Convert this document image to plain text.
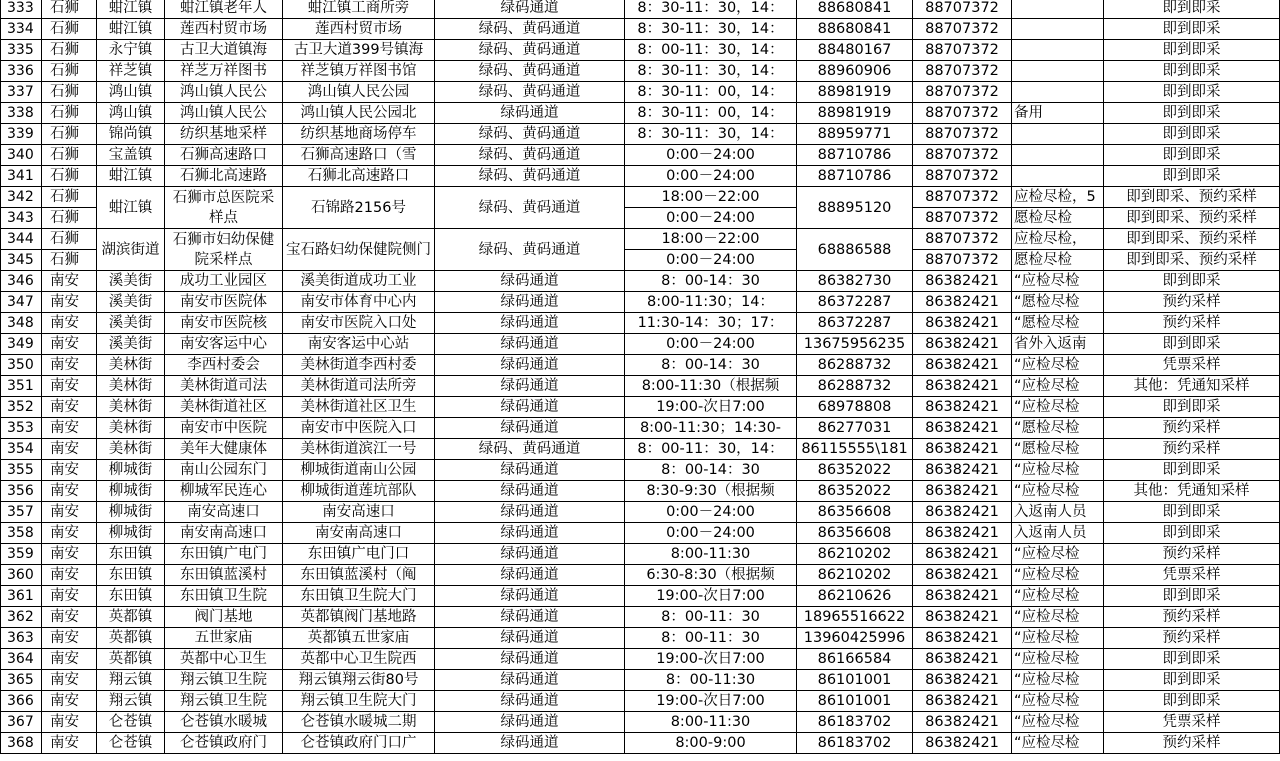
333	石狮	蚶江镇	蚶江镇老年人	蚶江镇工商所旁	绿码通道	8：30-11：30，14：	88680841	88707372		即到即采
334	石狮	蚶江镇	莲西村贸市场	莲西村贸市场	绿码、黄码通道	8：30-11：30，14：	88680841	88707372		即到即采
335	石狮	永宁镇	古卫大道镇海	古卫大道399号镇海	绿码、黄码通道	8：00-11：30，14：	88480167	88707372		即到即采
336	石狮	祥芝镇	祥芝万祥图书	祥芝镇万祥图书馆	绿码、黄码通道	8：30-11：30，14：	88960906	88707372		即到即采
337	石狮	鸿山镇	鸿山镇人民公	鸿山镇人民公园	绿码、黄码通道	8：30-11：00，14：	88981919	88707372		即到即采
338	石狮	鸿山镇	鸿山镇人民公	鸿山镇人民公园北	绿码通道	8：30-11：00，14：	88981919	88707372	备用	即到即采
339	石狮	锦尚镇	纺织基地采样	纺织基地商场停车	绿码、黄码通道	8：30-11：30，14：	88959771	88707372		即到即采
340	石狮	宝盖镇	石狮高速路口	石狮高速路口（雪	绿码、黄码通道	0:00－24:00	88710786	88707372		即到即采
341	石狮	蚶江镇	石狮北高速路	石狮北高速路口	绿码、黄码通道	0:00－24:00	88710786	88707372		即到即采
342	石狮	蚶江镇	石狮市总医院采样点	石锦路2156号	绿码、黄码通道	18:00－22:00	88895120	88707372	应检尽检，5	即到即采、预约采样
343	石狮					0:00－24:00		88707372	愿检尽检	即到即采、预约采样
344	石狮	湖滨街道	石狮市妇幼保健院采样点	宝石路妇幼保健院侧门	绿码、黄码通道	18:00－22:00	68886588	88707372	应检尽检，	即到即采、预约采样
345	石狮					0:00－24:00		88707372	愿检尽检	即到即采、预约采样
346	南安	溪美街	成功工业园区	溪美街道成功工业	绿码通道	8：00-14：30	86382730	86382421	“应检尽检	即到即采
347	南安	溪美街	南安市医院体	南安市体育中心内	绿码通道	8:00-11:30；14：	86372287	86382421	“愿检尽检	预约采样
348	南安	溪美街	南安市医院核	南安市医院入口处	绿码通道	11:30-14：30；17：	86372287	86382421	“愿检尽检	预约采样
349	南安	溪美街	南安客运中心	南安客运中心站	绿码通道	0:00－24:00	13675956235	86382421	省外入返南	即到即采
350	南安	美林街	李西村委会	美林街道李西村委	绿码通道	8：00-14：30	86288732	86382421	“应检尽检	凭票采样
351	南安	美林街	美林街道司法	美林街道司法所旁	绿码通道	8:00-11:30（根据频	86288732	86382421	“应检尽检	其他：凭通知采样
352	南安	美林街	美林街道社区	美林街道社区卫生	绿码通道	19:00-次日7:00	68978808	86382421	“应检尽检	即到即采
353	南安	美林街	南安市中医院	南安市中医院入口	绿码通道	8:00-11:30；14:30-	86277031	86382421	“愿检尽检	预约采样
354	南安	美林街	美年大健康体	美林街道滨江一号	绿码、黄码通道	8：00-11：30，14：	86115555\181	86382421	“愿检尽检	预约采样
355	南安	柳城街	南山公园东门	柳城街道南山公园	绿码通道	8：00-14：30	86352022	86382421	“应检尽检	即到即采
356	南安	柳城街	柳城军民连心	柳城街道莲坑部队	绿码通道	8:30-9:30（根据频	86352022	86382421	“应检尽检	其他：凭通知采样
357	南安	柳城街	南安高速口	南安高速口	绿码通道	0:00－24:00	86356608	86382421	入返南人员	即到即采
358	南安	柳城街	南安南高速口	南安南高速口	绿码通道	0:00－24:00	86356608	86382421	入返南人员	即到即采
359	南安	东田镇	东田镇广电门	东田镇广电门口	绿码通道	8:00-11:30	86210202	86382421	“应检尽检	预约采样
360	南安	东田镇	东田镇蓝溪村	东田镇蓝溪村（阄	绿码通道	6:30-8:30（根据频	86210202	86382421	“应检尽检	凭票采样
361	南安	东田镇	东田镇卫生院	东田镇卫生院大门	绿码通道	19:00-次日7:00	86210626	86382421	“应检尽检	即到即采
362	南安	英都镇	阀门基地	英都镇阀门基地路	绿码通道	8：00-11：30	18965516622	86382421	“应检尽检	预约采样
363	南安	英都镇	五世家庙	英都镇五世家庙	绿码通道	8：00-11：30	13960425996	86382421	“应检尽检	预约采样
364	南安	英都镇	英都中心卫生	英都中心卫生院西	绿码通道	19:00-次日7:00	86166584	86382421	“应检尽检	即到即采
365	南安	翔云镇	翔云镇卫生院	翔云镇翔云街80号	绿码通道	8：00-11:30	86101001	86382421	“应检尽检	即到即采
366	南安	翔云镇	翔云镇卫生院	翔云镇卫生院大门	绿码通道	19:00-次日7:00	86101001	86382421	“应检尽检	即到即采
367	南安	仑苍镇	仑苍镇水暖城	仑苍镇水暖城二期	绿码通道	8:00-11:30	86183702	86382421	“应检尽检	凭票采样
368	南安	仑苍镇	仑苍镇政府门	仑苍镇政府门口广	绿码通道	8:00-9:00	86183702	86382421	“应检尽检	预约采样
